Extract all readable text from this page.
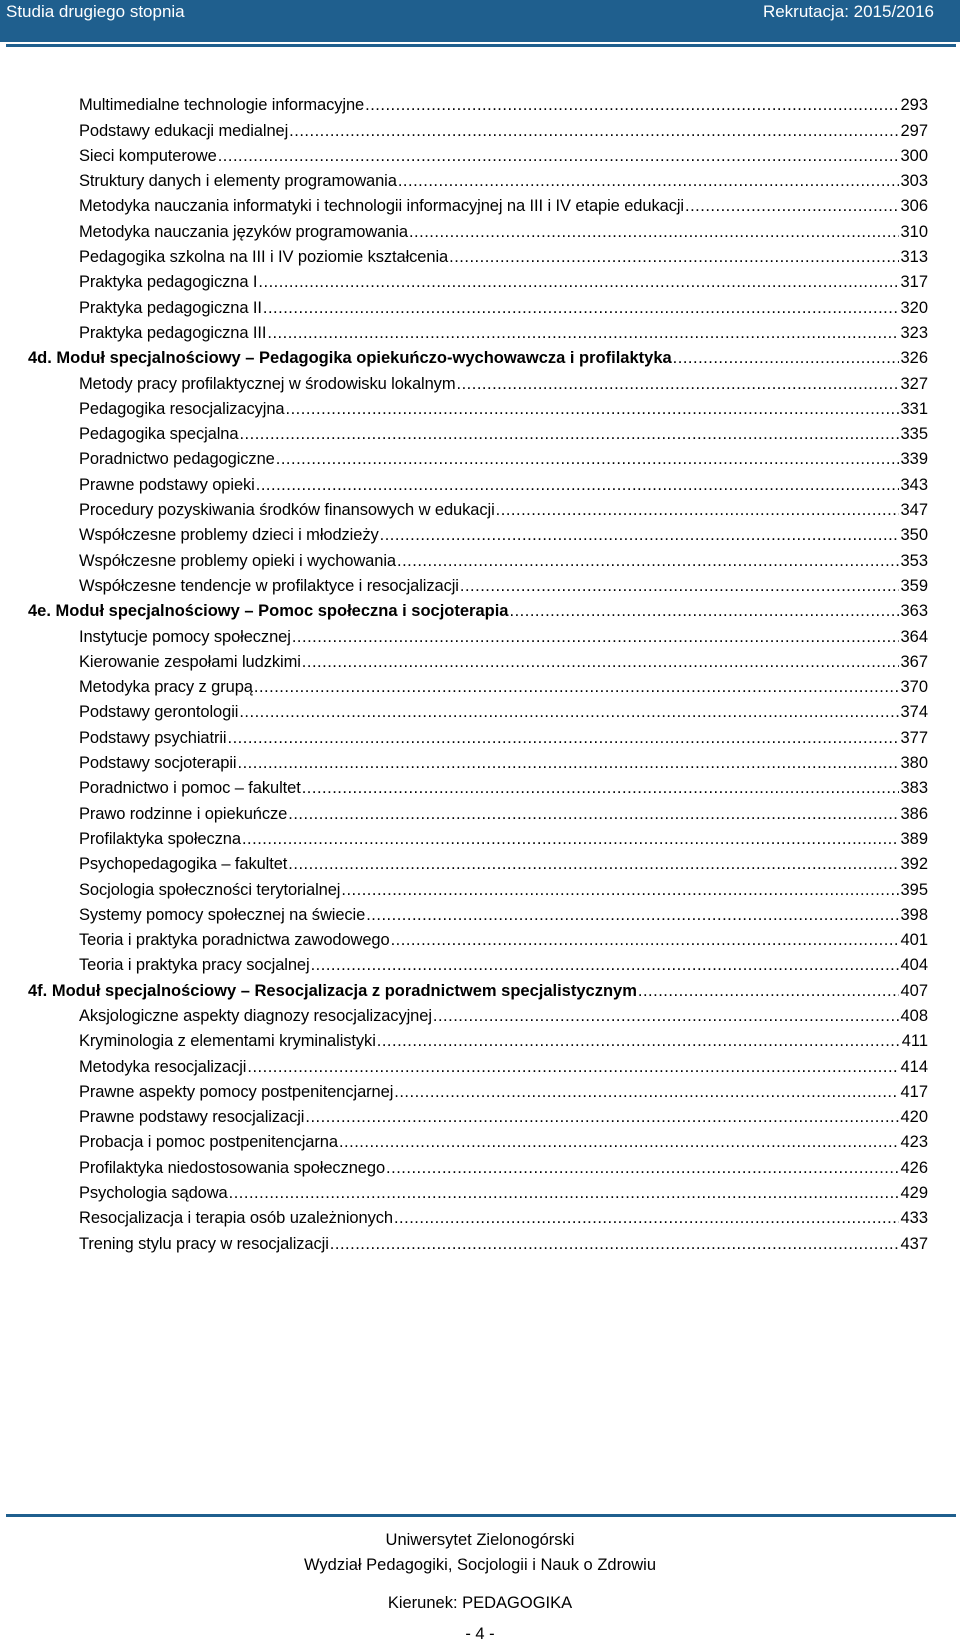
Studia drugiego stopnia	Rekrutacja: 2015/2016
Multimedialne technologie informacyjne .....	293
Podstawy edukacji medialnej .....	297
Sieci komputerowe .....	300
Struktury danych i elementy programowania .....	303
Metodyka nauczania informatyki i technologii informacyjnej na III i IV etapie edukacji .....	306
Metodyka nauczania języków programowania .....	310
Pedagogika szkolna na III i IV poziomie kształcenia .....	313
Praktyka pedagogiczna I .....	317
Praktyka pedagogiczna II .....	320
Praktyka pedagogiczna III .....	323
4d. Moduł specjalnościowy – Pedagogika opiekuńczo-wychowawcza i profilaktyka .....	326
Metody pracy profilaktycznej w środowisku lokalnym .....	327
Pedagogika resocjalizacyjna .....	331
Pedagogika specjalna .....	335
Poradnictwo pedagogiczne .....	339
Prawne podstawy opieki .....	343
Procedury pozyskiwania środków finansowych w edukacji .....	347
Współczesne problemy dzieci i młodzieży .....	350
Współczesne problemy opieki i wychowania .....	353
Współczesne tendencje w profilaktyce i resocjalizacji .....	359
4e. Moduł specjalnościowy – Pomoc społeczna i socjoterapia .....	363
Instytucje pomocy społecznej .....	364
Kierowanie zespołami ludzkimi .....	367
Metodyka pracy z grupą .....	370
Podstawy gerontologii .....	374
Podstawy psychiatrii .....	377
Podstawy socjoterapii .....	380
Poradnictwo i pomoc – fakultet .....	383
Prawo rodzinne i opiekuńcze .....	386
Profilaktyka społeczna .....	389
Psychopedagogika – fakultet .....	392
Socjologia społeczności terytorialnej .....	395
Systemy pomocy społecznej na świecie .....	398
Teoria i praktyka poradnictwa zawodowego .....	401
Teoria i praktyka pracy socjalnej .....	404
4f. Moduł specjalnościowy – Resocjalizacja z poradnictwem specjalistycznym .....	407
Aksjologiczne aspekty diagnozy resocjalizacyjnej .....	408
Kryminologia z elementami kryminalistyki .....	411
Metodyka resocjalizacji .....	414
Prawne aspekty pomocy postpenitencjarnej .....	417
Prawne podstawy resocjalizacji .....	420
Probacja i pomoc postpenitencjarna .....	423
Profilaktyka niedostosowania społecznego .....	426
Psychologia sądowa .....	429
Resocjalizacja i terapia osób uzależnionych .....	433
Trening stylu pracy w resocjalizacji .....	437
Uniwersytet Zielonogórski
Wydział Pedagogiki, Socjologii i Nauk o Zdrowiu
Kierunek: PEDAGOGIKA
- 4 -
